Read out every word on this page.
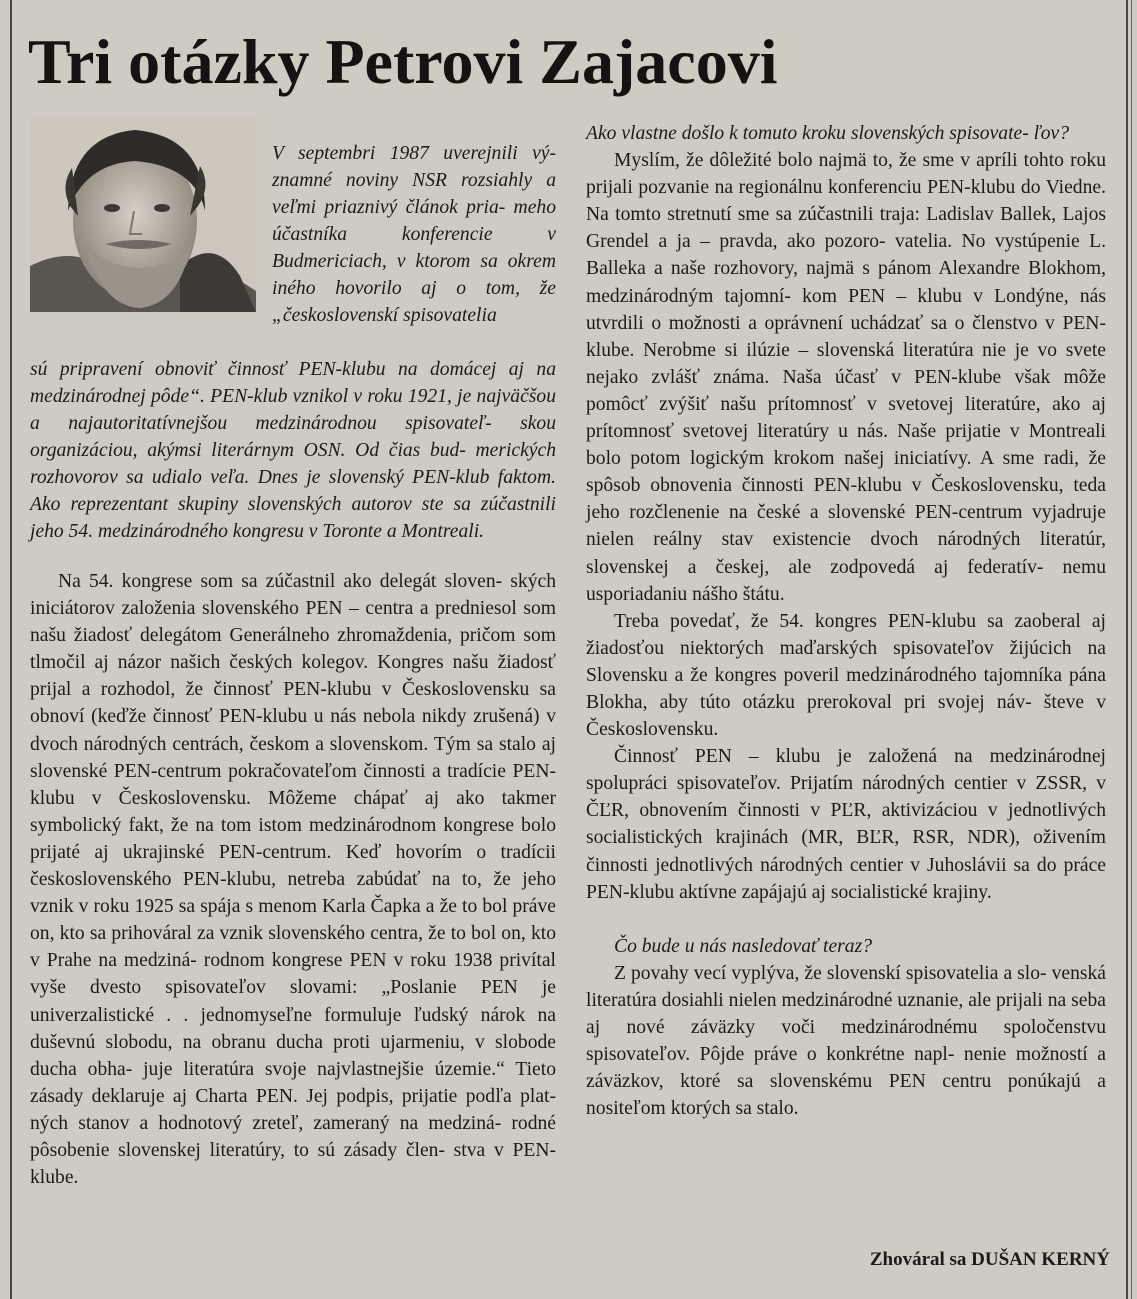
Tri otázky Petrovi Zajacovi

V septembri 1987 uverejnili vý- znamné noviny NSR rozsiahly a veľmi priaznivý článok pria- meho účastníka konferencie v Budmericiach, v ktorom sa okrem iného hovorilo aj o tom, že „československí spisovatelia

sú pripravení obnoviť činnosť PEN-klubu na domácej aj na medzinárodnej pôde“. PEN-klub vznikol v roku 1921, je najväčšou a najautoritatívnejšou medzinárodnou spisovateľ- skou organizáciou, akýmsi literárnym OSN. Od čias bud- merických rozhovorov sa udialo veľa. Dnes je slovenský PEN-klub faktom. Ako reprezentant skupiny slovenských autorov ste sa zúčastnili jeho 54. medzinárodného kongresu v Toronte a Montreali.

Na 54. kongrese som sa zúčastnil ako delegát sloven- ských iniciátorov založenia slovenského PEN – centra a predniesol som našu žiadosť delegátom Generálneho zhromaždenia, pričom som tlmočil aj názor našich českých kolegov. Kongres našu žiadosť prijal a rozhodol, že činnosť PEN-klubu v Československu sa obnoví (keďže činnosť PEN-klubu u nás nebola nikdy zrušená) v dvoch národných centrách, českom a slovenskom. Tým sa stalo aj slovenské PEN-centrum pokračovateľom činnosti a tradície PEN-klubu v Československu. Môžeme chápať aj ako takmer symbolický fakt, že na tom istom medzinárodnom kongrese bolo prijaté aj ukrajinské PEN-centrum. Keď hovorím o tradícii československého PEN-klubu, netreba zabúdať na to, že jeho vznik v roku 1925 sa spája s menom Karla Čapka a že to bol práve on, kto sa prihováral za vznik slovenského centra, že to bol on, kto v Prahe na medziná- rodnom kongrese PEN v roku 1938 privítal vyše dvesto spisovateľov slovami: „Poslanie PEN je univerzalistické . . jednomyseľne formuluje ľudský nárok na duševnú slobodu, na obranu ducha proti ujarmeniu, v slobode ducha obha- juje literatúra svoje najvlastnejšie územie.“ Tieto zásady deklaruje aj Charta PEN. Jej podpis, prijatie podľa plat- ných stanov a hodnotový zreteľ, zameraný na medziná- rodné pôsobenie slovenskej literatúry, to sú zásady člen- stva v PEN-klube.

Ako vlastne došlo k tomuto kroku slovenských spisovate- ľov?

Myslím, že dôležité bolo najmä to, že sme v apríli tohto roku prijali pozvanie na regionálnu konferenciu PEN-klubu do Viedne. Na tomto stretnutí sme sa zúčastnili traja: Ladislav Ballek, Lajos Grendel a ja – pravda, ako pozoro- vatelia. No vystúpenie L. Balleka a naše rozhovory, najmä s pánom Alexandre Blokhom, medzinárodným tajomní- kom PEN – klubu v Londýne, nás utvrdili o možnosti a oprávnení uchádzať sa o členstvo v PEN-klube. Nerobme si ilúzie – slovenská literatúra nie je vo svete nejako zvlášť známa. Naša účasť v PEN-klube však môže pomôcť zvýšiť našu prítomnosť v svetovej literatúre, ako aj prítomnosť svetovej literatúry u nás. Naše prijatie v Montreali bolo potom logickým krokom našej iniciatívy. A sme radi, že spôsob obnovenia činnosti PEN-klubu v Československu, teda jeho rozčlenenie na české a slovenské PEN-centrum vyjadruje nielen reálny stav existencie dvoch národných literatúr, slovenskej a českej, ale zodpovedá aj federatív- nemu usporiadaniu nášho štátu.

Treba povedať, že 54. kongres PEN-klubu sa zaoberal aj žiadosťou niektorých maďarských spisovateľov žijúcich na Slovensku a že kongres poveril medzinárodného tajomníka pána Blokha, aby túto otázku prerokoval pri svojej náv- števe v Československu.

Činnosť PEN – klubu je založená na medzinárodnej spolupráci spisovateľov. Prijatím národných centier v ZSSR, v ČĽR, obnovením činnosti v PĽR, aktivizáciou v jednotlivých socialistických krajinách (MR, BĽR, RSR, NDR), oživením činnosti jednotlivých národných centier v Juhoslávii sa do práce PEN-klubu aktívne zapájajú aj socialistické krajiny.

Čo bude u nás nasledovať teraz?

Z povahy vecí vyplýva, že slovenskí spisovatelia a slo- venská literatúra dosiahli nielen medzinárodné uznanie, ale prijali na seba aj nové záväzky voči medzinárodnému spoločenstvu spisovateľov. Pôjde práve o konkrétne napl- nenie možností a záväzkov, ktoré sa slovenskému PEN centru ponúkajú a nositeľom ktorých sa stalo.

Zhováral sa DUŠAN KERNÝ
